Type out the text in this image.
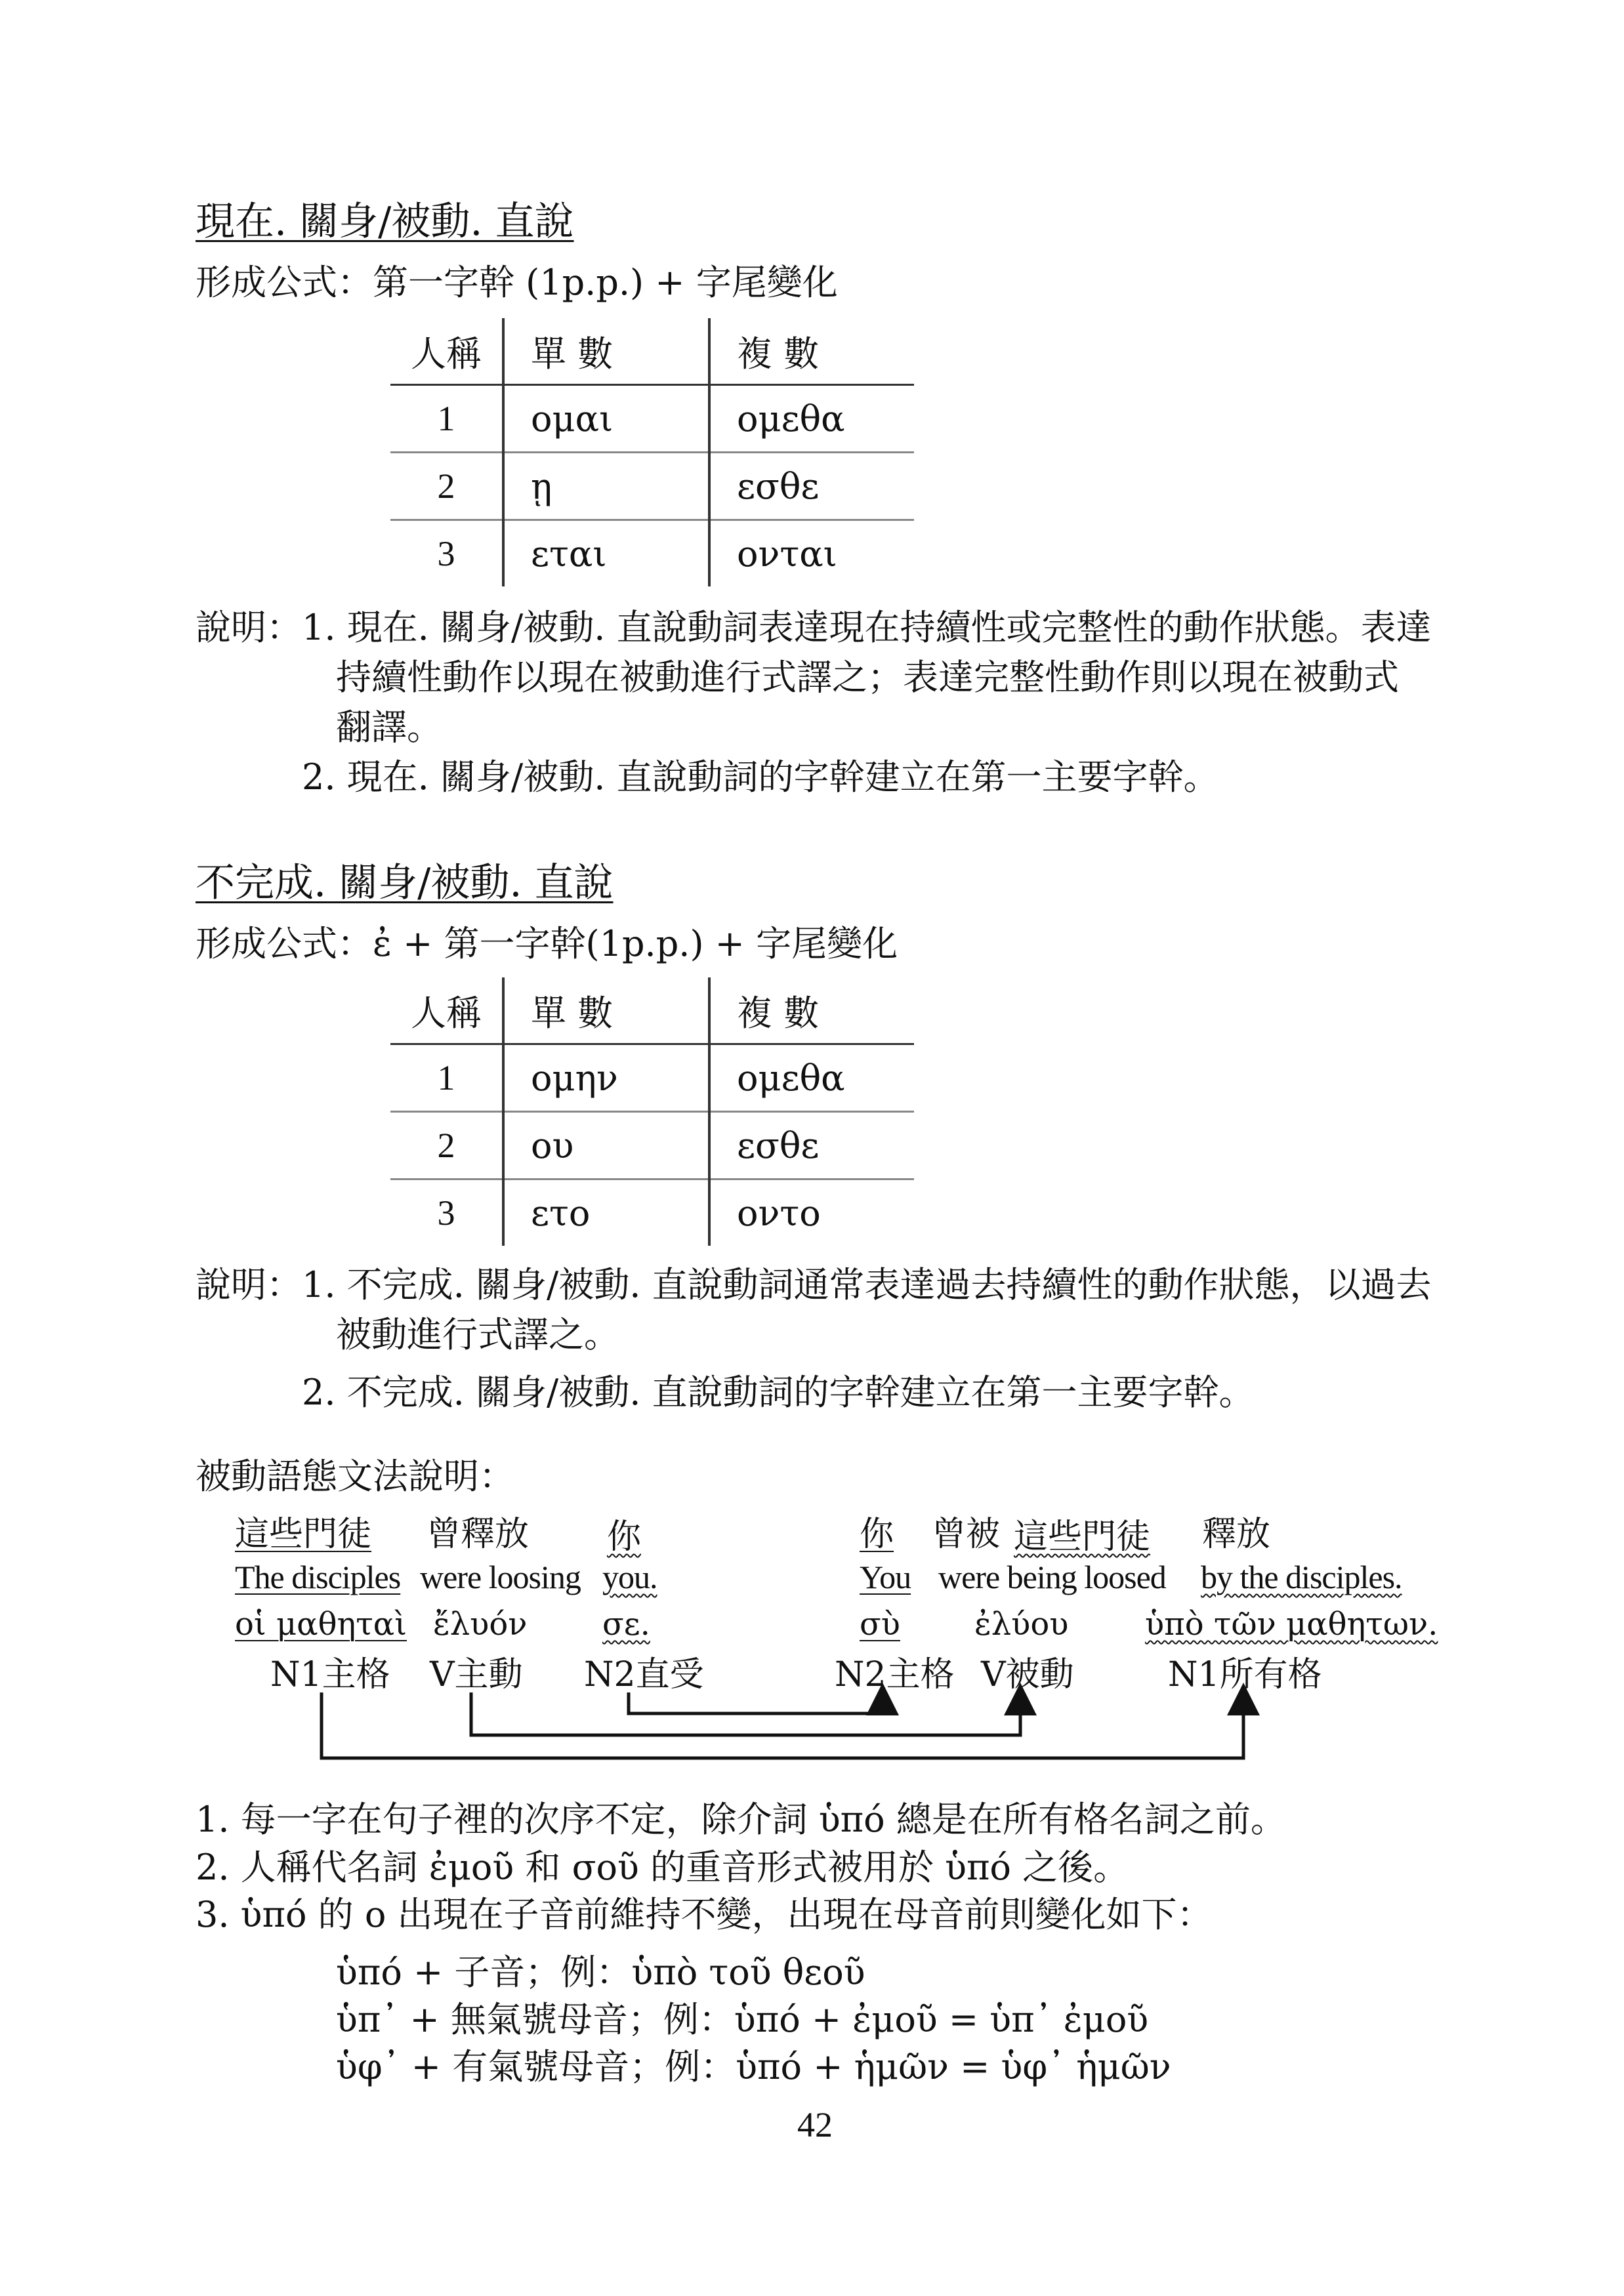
現在. 關身/被動. 直說
形成公式：第一字幹 (1p.p.) + 字尾變化
人稱	單 數	複 數
1	ομαι	ομεθα
2	ῃ	εσθε
3	εται	ονται
說明： 1. 現在. 關身/被動. 直說動詞表達現在持續性或完整性的動作狀態。表達
持續性動作以現在被動進行式譯之；表達完整性動作則以現在被動式
翻譯。
2. 現在. 關身/被動. 直說動詞的字幹建立在第一主要字幹。
不完成. 關身/被動. 直說
形成公式：ἐ + 第一字幹(1p.p.) + 字尾變化
人稱	單 數	複 數
1	ομην	ομεθα
2	ου	εσθε
3	ετο	οντο
說明： 1. 不完成. 關身/被動. 直說動詞通常表達過去持續性的動作狀態，以過去
被動進行式譯之。
2. 不完成. 關身/被動. 直說動詞的字幹建立在第一主要字幹。
被動語態文法說明：
這些門徒 曾釋放 你
The disciples were loosing you.
οἱ μαθηταὶ ἔλυόν σε.
N1主格 V主動 N2直受
你 曾被 這些門徒 釋放
You were being loosed by the disciples.
σὺ ἐλύου ὑπὸ τῶν μαθητων.
N2主格 V被動	N1所有格
1. 每一字在句子裡的次序不定，除介詞 ὑπό 總是在所有格名詞之前。
2. 人稱代名詞 ἐμοῦ 和 σοῦ 的重音形式被用於 ὑπό 之後。
3. ὑπό 的 o 出現在子音前維持不變，出現在母音前則變化如下：
ὑπό + 子音；例：ὑπὸ τοῦ θεοῦ
ὑπ᾽ + 無氣號母音；例：ὑπό + ἐμοῦ = ὑπ᾽ ἐμοῦ
ὑφ᾽ + 有氣號母音；例：ὑπό + ἡμῶν = ὑφ᾽ ἡμῶν
42
